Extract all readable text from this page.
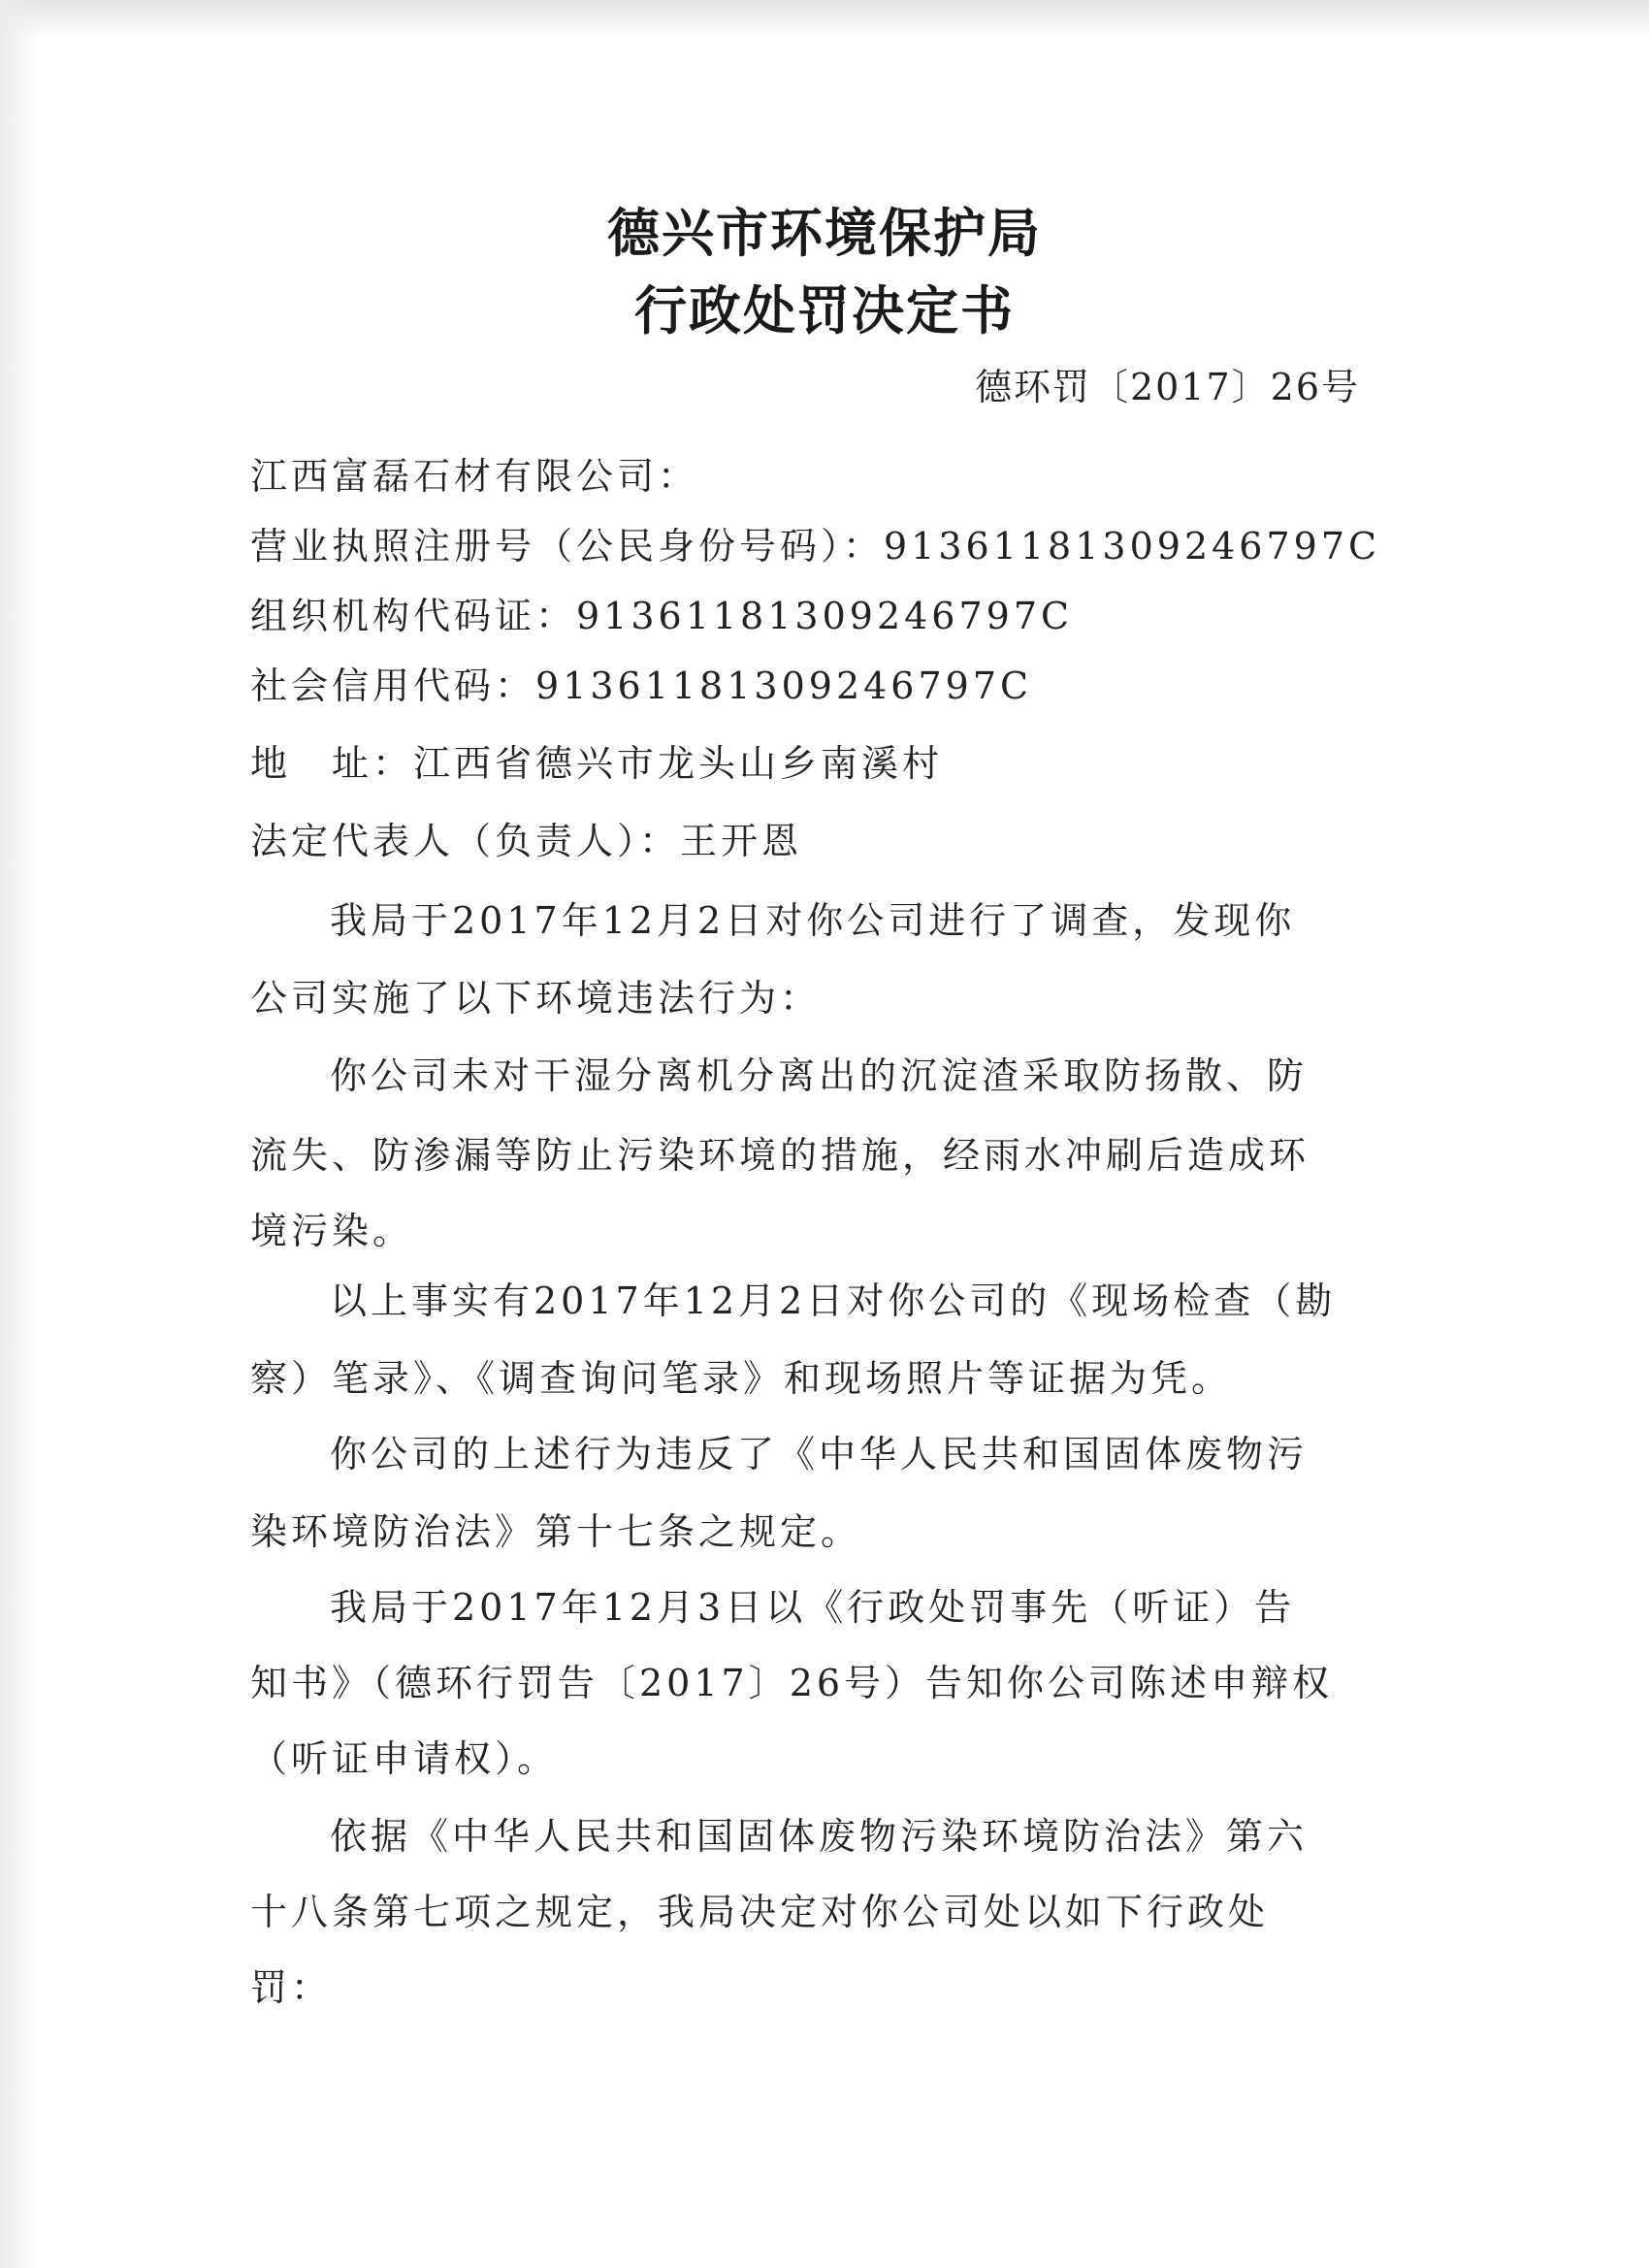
德兴市环境保护局
行政处罚决定书
德环罚〔2017〕26号
江西富磊石材有限公司：
营业执照注册号（公民身份号码）：91361181309246797C
组织机构代码证：91361181309246797C
社会信用代码：91361181309246797C
地　址：江西省德兴市龙头山乡南溪村
法定代表人（负责人）：王开恩
我局于2017年12月2日对你公司进行了调查，发现你
公司实施了以下环境违法行为：
你公司未对干湿分离机分离出的沉淀渣采取防扬散、防
流失、防渗漏等防止污染环境的措施，经雨水冲刷后造成环
境污染。
以上事实有2017年12月2日对你公司的《现场检查（勘
察）笔录》、《调查询问笔录》和现场照片等证据为凭。
你公司的上述行为违反了《中华人民共和国固体废物污
染环境防治法》第十七条之规定。
我局于2017年12月3日以《行政处罚事先（听证）告
知书》（德环行罚告〔2017〕26号）告知你公司陈述申辩权
（听证申请权）。
依据《中华人民共和国固体废物污染环境防治法》第六
十八条第七项之规定，我局决定对你公司处以如下行政处
罚：
